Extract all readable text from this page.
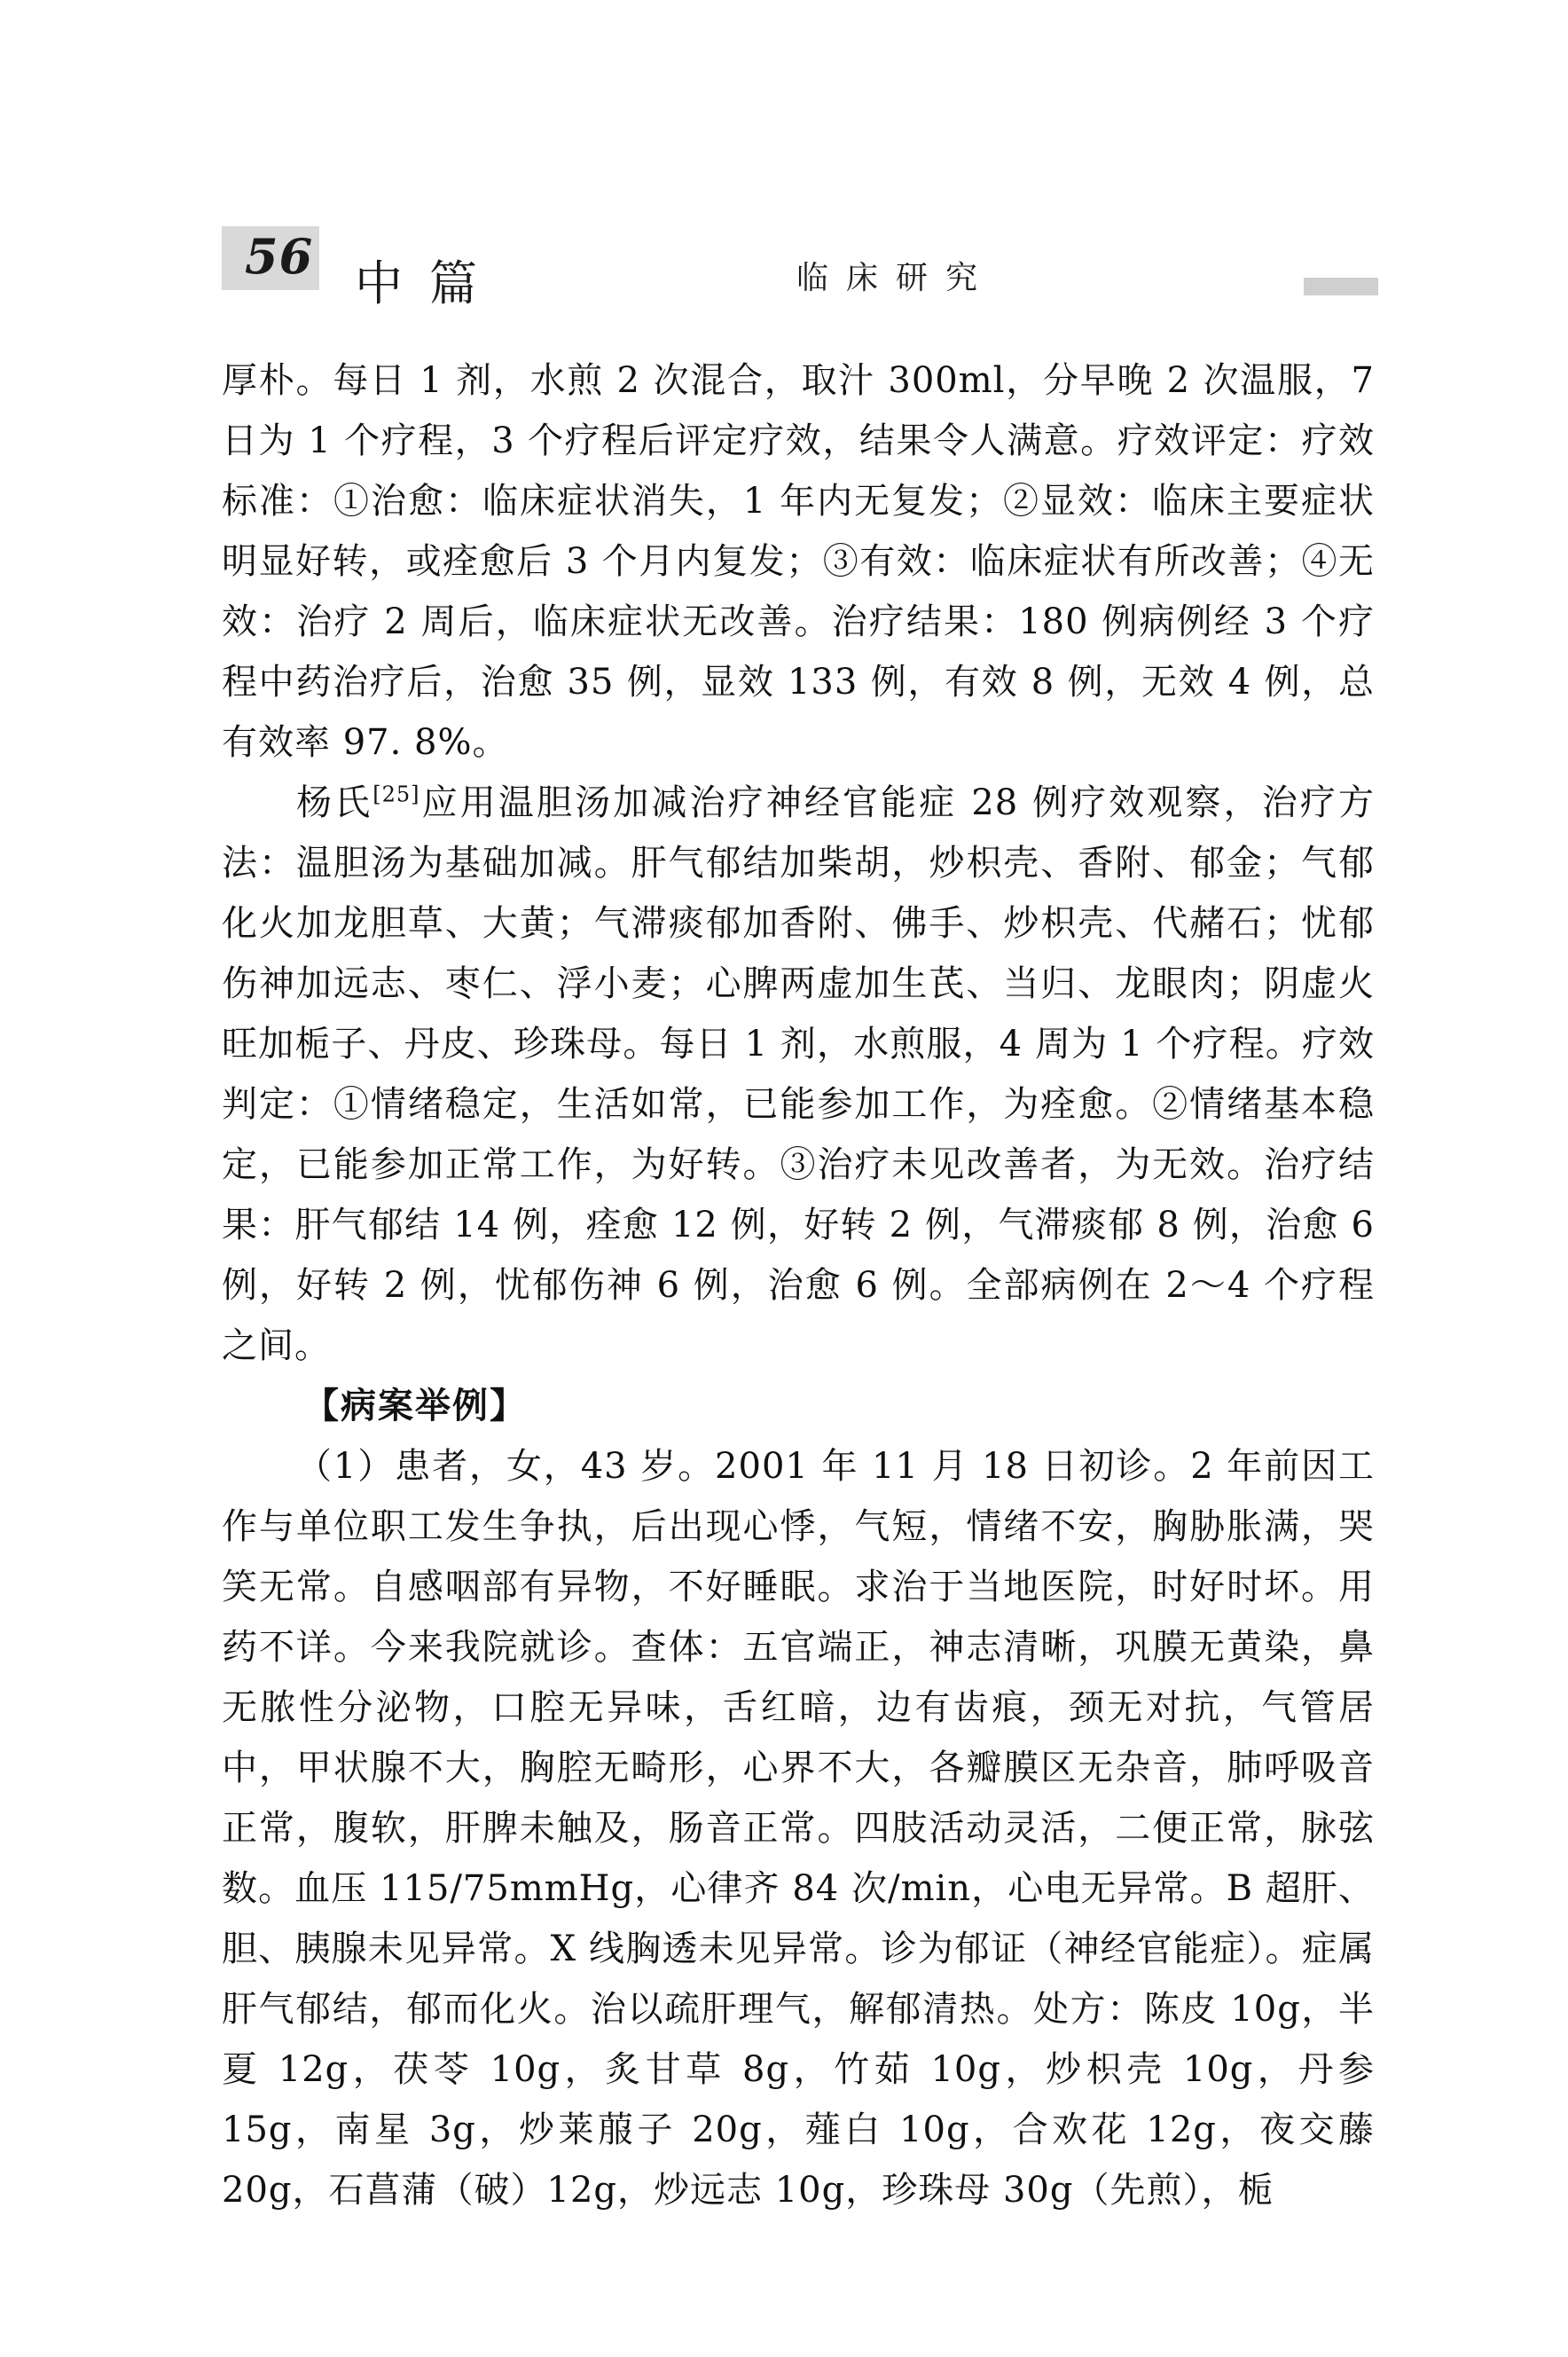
56 中篇	临床研究

厚朴。每日 1 剂，水煎 2 次混合，取汁 300ml，分早晚 2 次温服，7 日为 1 个疗程，3 个疗程后评定疗效，结果令人满意。疗效评定：疗效标准：①治愈：临床症状消失，1 年内无复发；②显效：临床主要症状明显好转，或痊愈后 3 个月内复发；③有效：临床症状有所改善；④无效：治疗 2 周后，临床症状无改善。治疗结果：180 例病例经 3 个疗程中药治疗后，治愈 35 例，显效 133 例，有效 8 例，无效 4 例，总有效率 97. 8%。

杨氏[25]应用温胆汤加减治疗神经官能症 28 例疗效观察，治疗方法：温胆汤为基础加减。肝气郁结加柴胡，炒枳壳、香附、郁金；气郁化火加龙胆草、大黄；气滞痰郁加香附、佛手、炒枳壳、代赭石；忧郁伤神加远志、枣仁、浮小麦；心脾两虚加生芪、当归、龙眼肉；阴虚火旺加栀子、丹皮、珍珠母。每日 1 剂，水煎服，4 周为 1 个疗程。疗效判定：①情绪稳定，生活如常，已能参加工作，为痊愈。②情绪基本稳定，已能参加正常工作，为好转。③治疗未见改善者，为无效。治疗结果：肝气郁结 14 例，痊愈 12 例，好转 2 例，气滞痰郁 8 例，治愈 6 例，好转 2 例，忧郁伤神 6 例，治愈 6 例。全部病例在 2～4 个疗程之间。

【病案举例】

（1）患者，女，43 岁。2001 年 11 月 18 日初诊。2 年前因工作与单位职工发生争执，后出现心悸，气短，情绪不安，胸胁胀满，哭笑无常。自感咽部有异物，不好睡眠。求治于当地医院，时好时坏。用药不详。今来我院就诊。查体：五官端正，神志清晰，巩膜无黄染，鼻无脓性分泌物，口腔无异味，舌红暗，边有齿痕，颈无对抗，气管居中，甲状腺不大，胸腔无畸形，心界不大，各瓣膜区无杂音，肺呼吸音正常，腹软，肝脾未触及，肠音正常。四肢活动灵活，二便正常，脉弦数。血压 115/75mmHg，心律齐 84 次/min，心电无异常。B 超肝、胆、胰腺未见异常。X 线胸透未见异常。诊为郁证（神经官能症）。症属肝气郁结，郁而化火。治以疏肝理气，解郁清热。处方：陈皮 10g，半夏 12g，茯苓 10g，炙甘草 8g，竹茹 10g，炒枳壳 10g，丹参 15g，南星 3g，炒莱菔子 20g，薤白 10g，合欢花 12g，夜交藤 20g，石菖蒲（破）12g，炒远志 10g，珍珠母 30g（先煎），栀
